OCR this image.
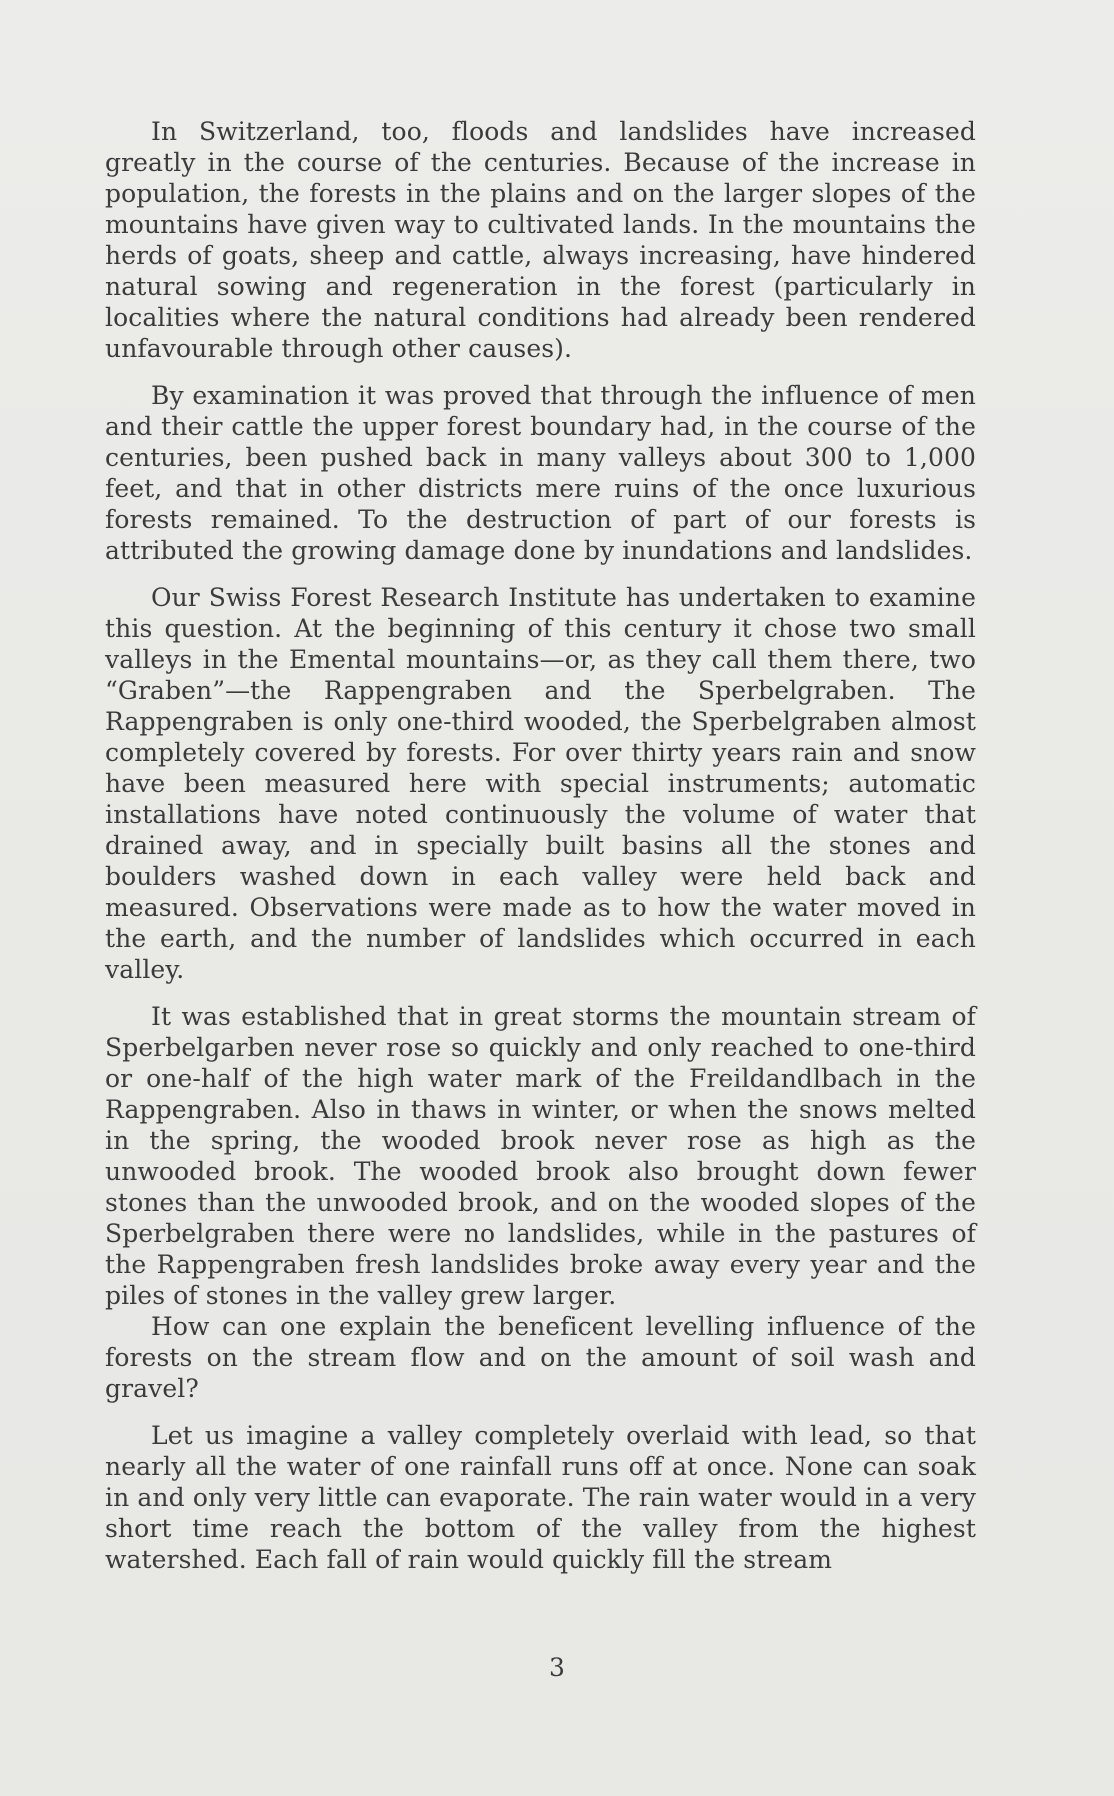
In Switzerland, too, floods and landslides have increased greatly in the course of the centuries. Because of the increase in population, the forests in the plains and on the larger slopes of the mountains have given way to cultivated lands. In the mountains the herds of goats, sheep and cattle, always increasing, have hindered natural sowing and regeneration in the forest (particularly in localities where the natural conditions had already been rendered unfavourable through other causes).

By examination it was proved that through the influence of men and their cattle the upper forest boundary had, in the course of the centuries, been pushed back in many valleys about 300 to 1,000 feet, and that in other districts mere ruins of the once luxurious forests remained. To the destruction of part of our forests is attributed the growing damage done by inundations and landslides.

Our Swiss Forest Research Institute has undertaken to examine this question. At the beginning of this century it chose two small valleys in the Emental mountains—or, as they call them there, two “Graben”—the Rappengraben and the Sperbelgraben. The Rappengraben is only one-third wooded, the Sperbelgraben almost completely covered by forests. For over thirty years rain and snow have been measured here with special instruments; automatic installations have noted continuously the volume of water that drained away, and in specially built basins all the stones and boulders washed down in each valley were held back and measured. Observations were made as to how the water moved in the earth, and the number of landslides which occurred in each valley.

It was established that in great storms the mountain stream of Sperbelgarben never rose so quickly and only reached to one-third or one-half of the high water mark of the Freildandlbach in the Rappengraben. Also in thaws in winter, or when the snows melted in the spring, the wooded brook never rose as high as the unwooded brook. The wooded brook also brought down fewer stones than the unwooded brook, and on the wooded slopes of the Sperbelgraben there were no landslides, while in the pastures of the Rappengraben fresh landslides broke away every year and the piles of stones in the valley grew larger.

How can one explain the beneficent levelling influence of the forests on the stream flow and on the amount of soil wash and gravel?

Let us imagine a valley completely overlaid with lead, so that nearly all the water of one rainfall runs off at once. None can soak in and only very little can evaporate. The rain water would in a very short time reach the bottom of the valley from the highest watershed. Each fall of rain would quickly fill the stream

3
